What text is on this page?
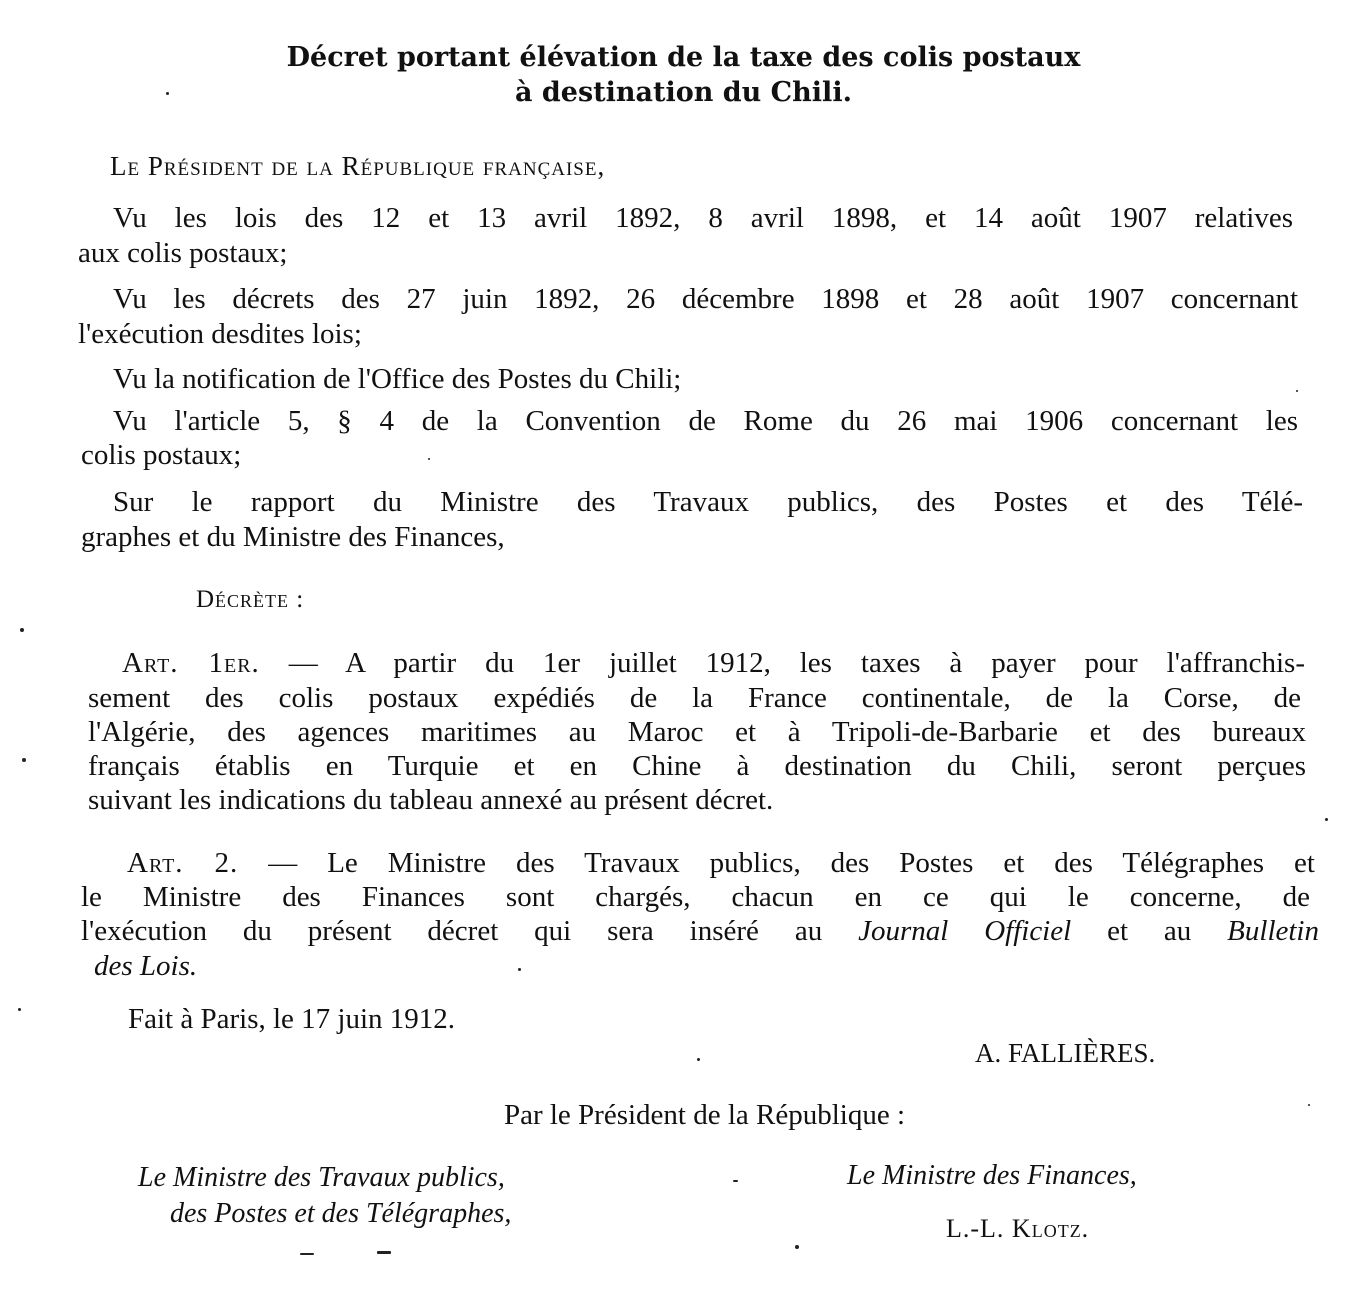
Décret portant élévation de la taxe des colis postaux
à destination du Chili.
Le Président de la République française,
Vu les lois des 12 et 13 avril 1892, 8 avril 1898, et 14 août 1907 relatives
aux colis postaux;
Vu les décrets des 27 juin 1892, 26 décembre 1898 et 28 août 1907 concernant
l'exécution desdites lois;
Vu la notification de l'Office des Postes du Chili;
Vu l'article 5, § 4 de la Convention de Rome du 26 mai 1906 concernant les
colis postaux;
Sur le rapport du Ministre des Travaux publics, des Postes et des Télé-
graphes et du Ministre des Finances,
Décrète :
Art. 1er. — A partir du 1er juillet 1912, les taxes à payer pour l'affranchis-
sement des colis postaux expédiés de la France continentale, de la Corse, de
l'Algérie, des agences maritimes au Maroc et à Tripoli-de-Barbarie et des bureaux
français établis en Turquie et en Chine à destination du Chili, seront perçues
suivant les indications du tableau annexé au présent décret.
Art. 2. — Le Ministre des Travaux publics, des Postes et des Télégraphes et
le Ministre des Finances sont chargés, chacun en ce qui le concerne, de
l'exécution du présent décret qui sera inséré au Journal Officiel et au Bulletin
des Lois.
Fait à Paris, le 17 juin 1912.
A. FALLIÈRES.
Par le Président de la République :
Le Ministre des Travaux publics,
des Postes et des Télégraphes,
Le Ministre des Finances,
L.-L. Klotz.
